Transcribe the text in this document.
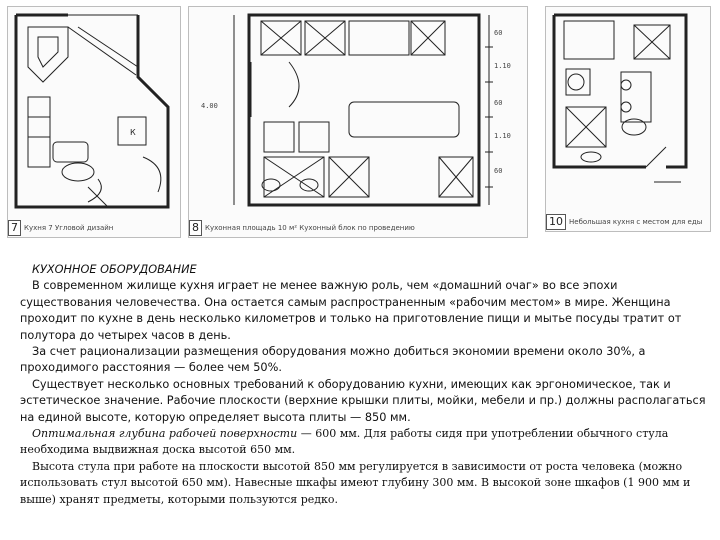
К
7 Кухня 7 Угловой дизайн
4.00
60
1.10
60
1.10
60
8 Кухонная площадь 10 м² Кухонный блок по проведению	10 Небольшая кухня с местом для еды

КУХОННОЕ ОБОРУДОВАНИЕ

В современном жилище кухня играет не менее важную роль, чем «домашний очаг» во все эпохи существования человечества. Она остается самым распространенным «рабочим местом» в мире. Женщина проходит по кухне в день несколько километров и только на приготовление пищи и мытье посуды тратит от полутора до четырех часов в день.

За счет рационализации размещения оборудования можно добиться экономии времени около 30%, а проходимого расстояния — более чем 50%.

Существует несколько основных требований к оборудованию кухни, имеющих как эргономическое, так и эстетическое значение. Рабочие плоскости (верхние крышки плиты, мойки, мебели и пр.) должны располагаться на единой высоте, которую определяет высота плиты — 850 мм.

Оптимальная глубина рабочей поверхности — 600 мм. Для работы сидя при употреблении обычного стула необходима выдвижная доска высотой 650 мм.

Высота стула при работе на плоскости высотой 850 мм регулируется в зависимости от роста человека (можно использовать стул высотой 650 мм). Навесные шкафы имеют глубину 300 мм. В высокой зоне шкафов (1 900 мм и выше) хранят предметы, которыми пользуются редко.
